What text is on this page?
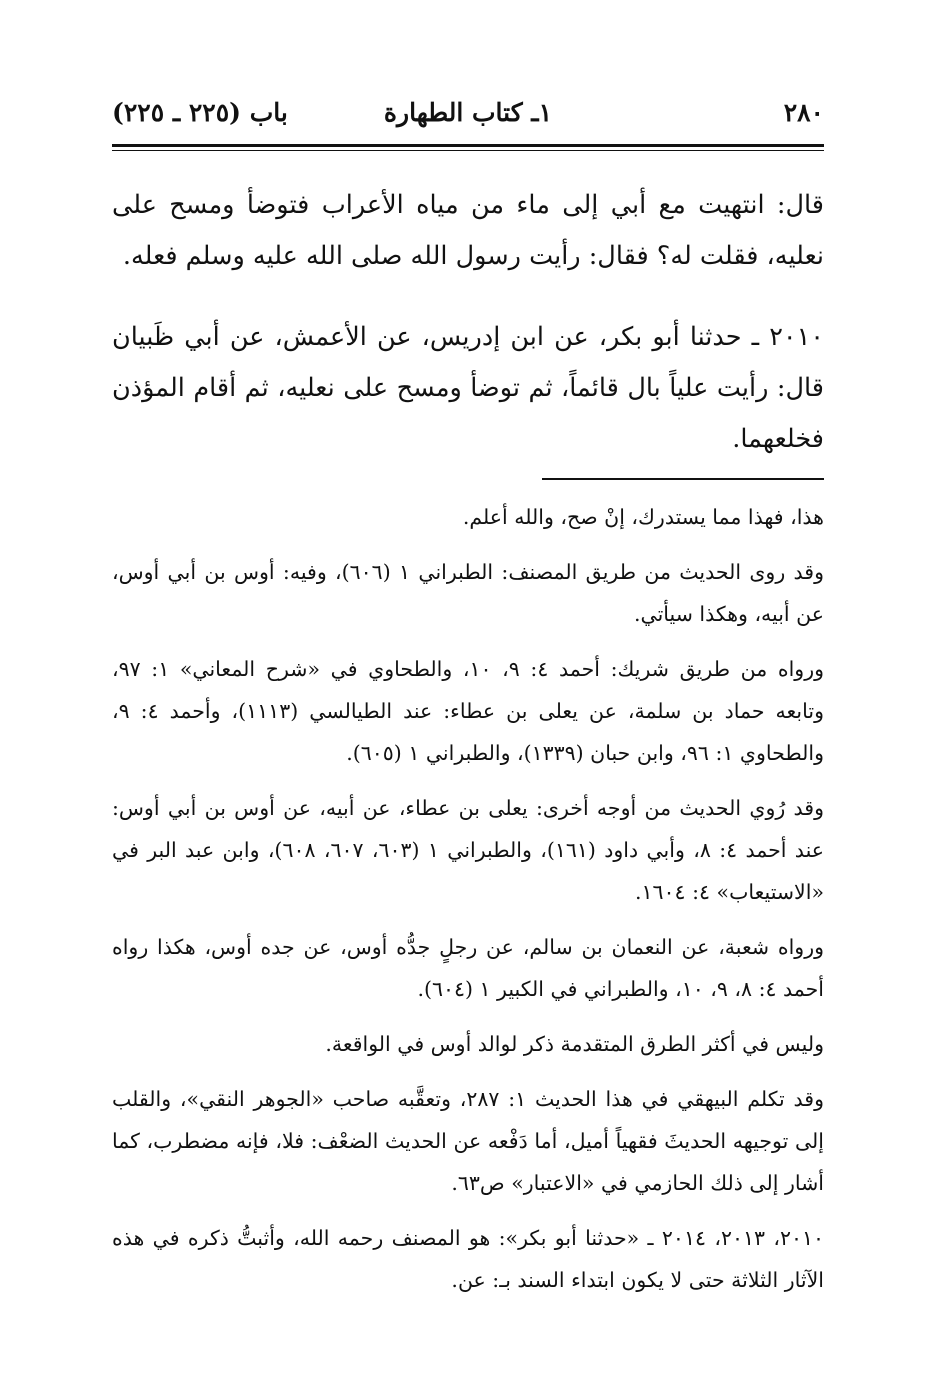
٢٨٠
١ـ كتاب الطهارة
باب (٢٢٥ ـ ٢٢٥)

قال: انتهيت مع أبي إلى ماء من مياه الأعراب فتوضأ ومسح على نعليه، فقلت له؟ فقال: رأيت رسول الله صلى الله عليه وسلم فعله.

٢٠١٠ ـ حدثنا أبو بكر، عن ابن إدريس، عن الأعمش، عن أبي ظَبيان قال: رأيت علياً بال قائماً، ثم توضأ ومسح على نعليه، ثم أقام المؤذن فخلعهما.

هذا، فهذا مما يستدرك، إنْ صح، والله أعلم.

وقد روى الحديث من طريق المصنف: الطبراني ١ (٦٠٦)، وفيه: أوس بن أبي أوس، عن أبيه، وهكذا سيأتي.

ورواه من طريق شريك: أحمد ٤: ٩، ١٠، والطحاوي في «شرح المعاني» ١: ٩٧، وتابعه حماد بن سلمة، عن يعلى بن عطاء: عند الطيالسي (١١١٣)، وأحمد ٤: ٩، والطحاوي ١: ٩٦، وابن حبان (١٣٣٩)، والطبراني ١ (٦٠٥).

وقد رُوي الحديث من أوجه أخرى: يعلى بن عطاء، عن أبيه، عن أوس بن أبي أوس: عند أحمد ٤: ٨، وأبي داود (١٦١)، والطبراني ١ (٦٠٣، ٦٠٧، ٦٠٨)، وابن عبد البر في «الاستيعاب» ٤: ١٦٠٤.

ورواه شعبة، عن النعمان بن سالم، عن رجلٍ جدُّه أوس، عن جده أوس، هكذا رواه أحمد ٤: ٨، ٩، ١٠، والطبراني في الكبير ١ (٦٠٤).

وليس في أكثر الطرق المتقدمة ذكر لوالد أوس في الواقعة.

وقد تكلم البيهقي في هذا الحديث ١: ٢٨٧، وتعقَّبه صاحب «الجوهر النقي»، والقلب إلى توجيهه الحديثَ فقهياً أميل، أما دَفْعه عن الحديث الضعْف: فلا، فإنه مضطرب، كما أشار إلى ذلك الحازمي في «الاعتبار» ص٦٣.

٢٠١٠، ٢٠١٣، ٢٠١٤ ـ «حدثنا أبو بكر»: هو المصنف رحمه الله، وأثبتُّ ذكره في هذه الآثار الثلاثة حتى لا يكون ابتداء السند بـ: عن.
